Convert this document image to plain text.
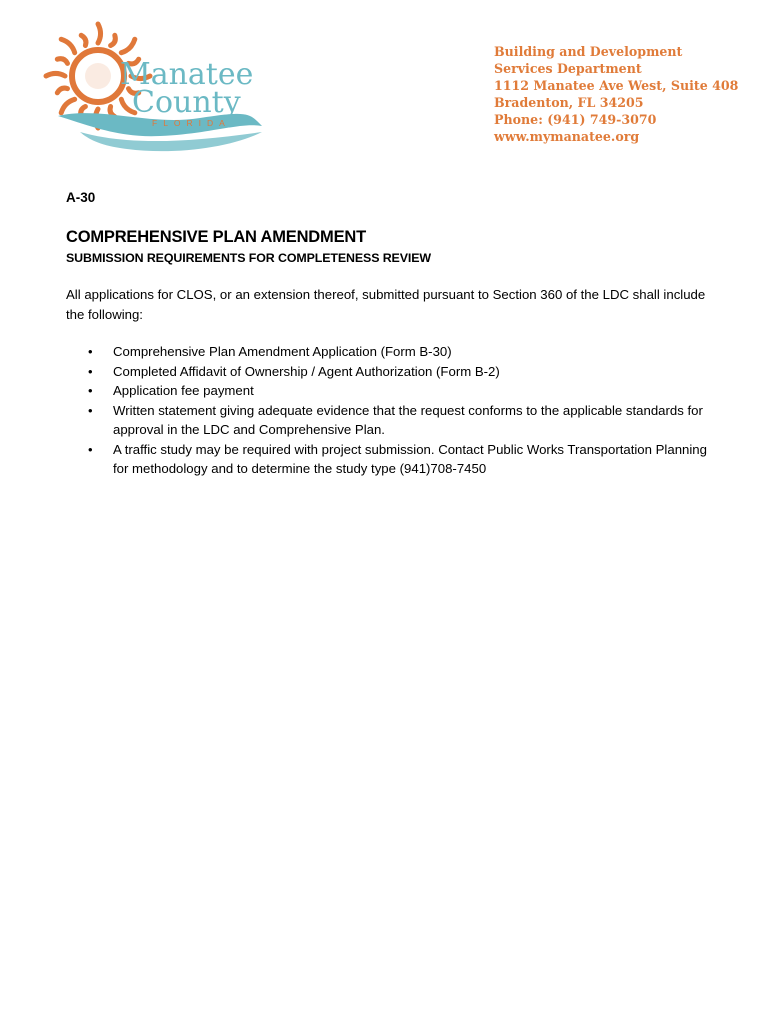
Manatee
County
FLORIDA
Building and Development
Services Department
1112 Manatee Ave West, Suite 408
Bradenton, FL 34205
Phone: (941) 749-3070
www.mymanatee.org
A-30
COMPREHENSIVE PLAN AMENDMENT
SUBMISSION REQUIREMENTS FOR COMPLETENESS REVIEW
All applications for CLOS, or an extension thereof, submitted pursuant to Section 360 of the LDC shall include the following:
• Comprehensive Plan Amendment Application (Form B-30)
• Completed Affidavit of Ownership / Agent Authorization (Form B-2)
• Application fee payment
• Written statement giving adequate evidence that the request conforms to the applicable standards for approval in the LDC and Comprehensive Plan.
• A traffic study may be required with project submission. Contact Public Works Transportation Planning for methodology and to determine the study type (941)708-7450
